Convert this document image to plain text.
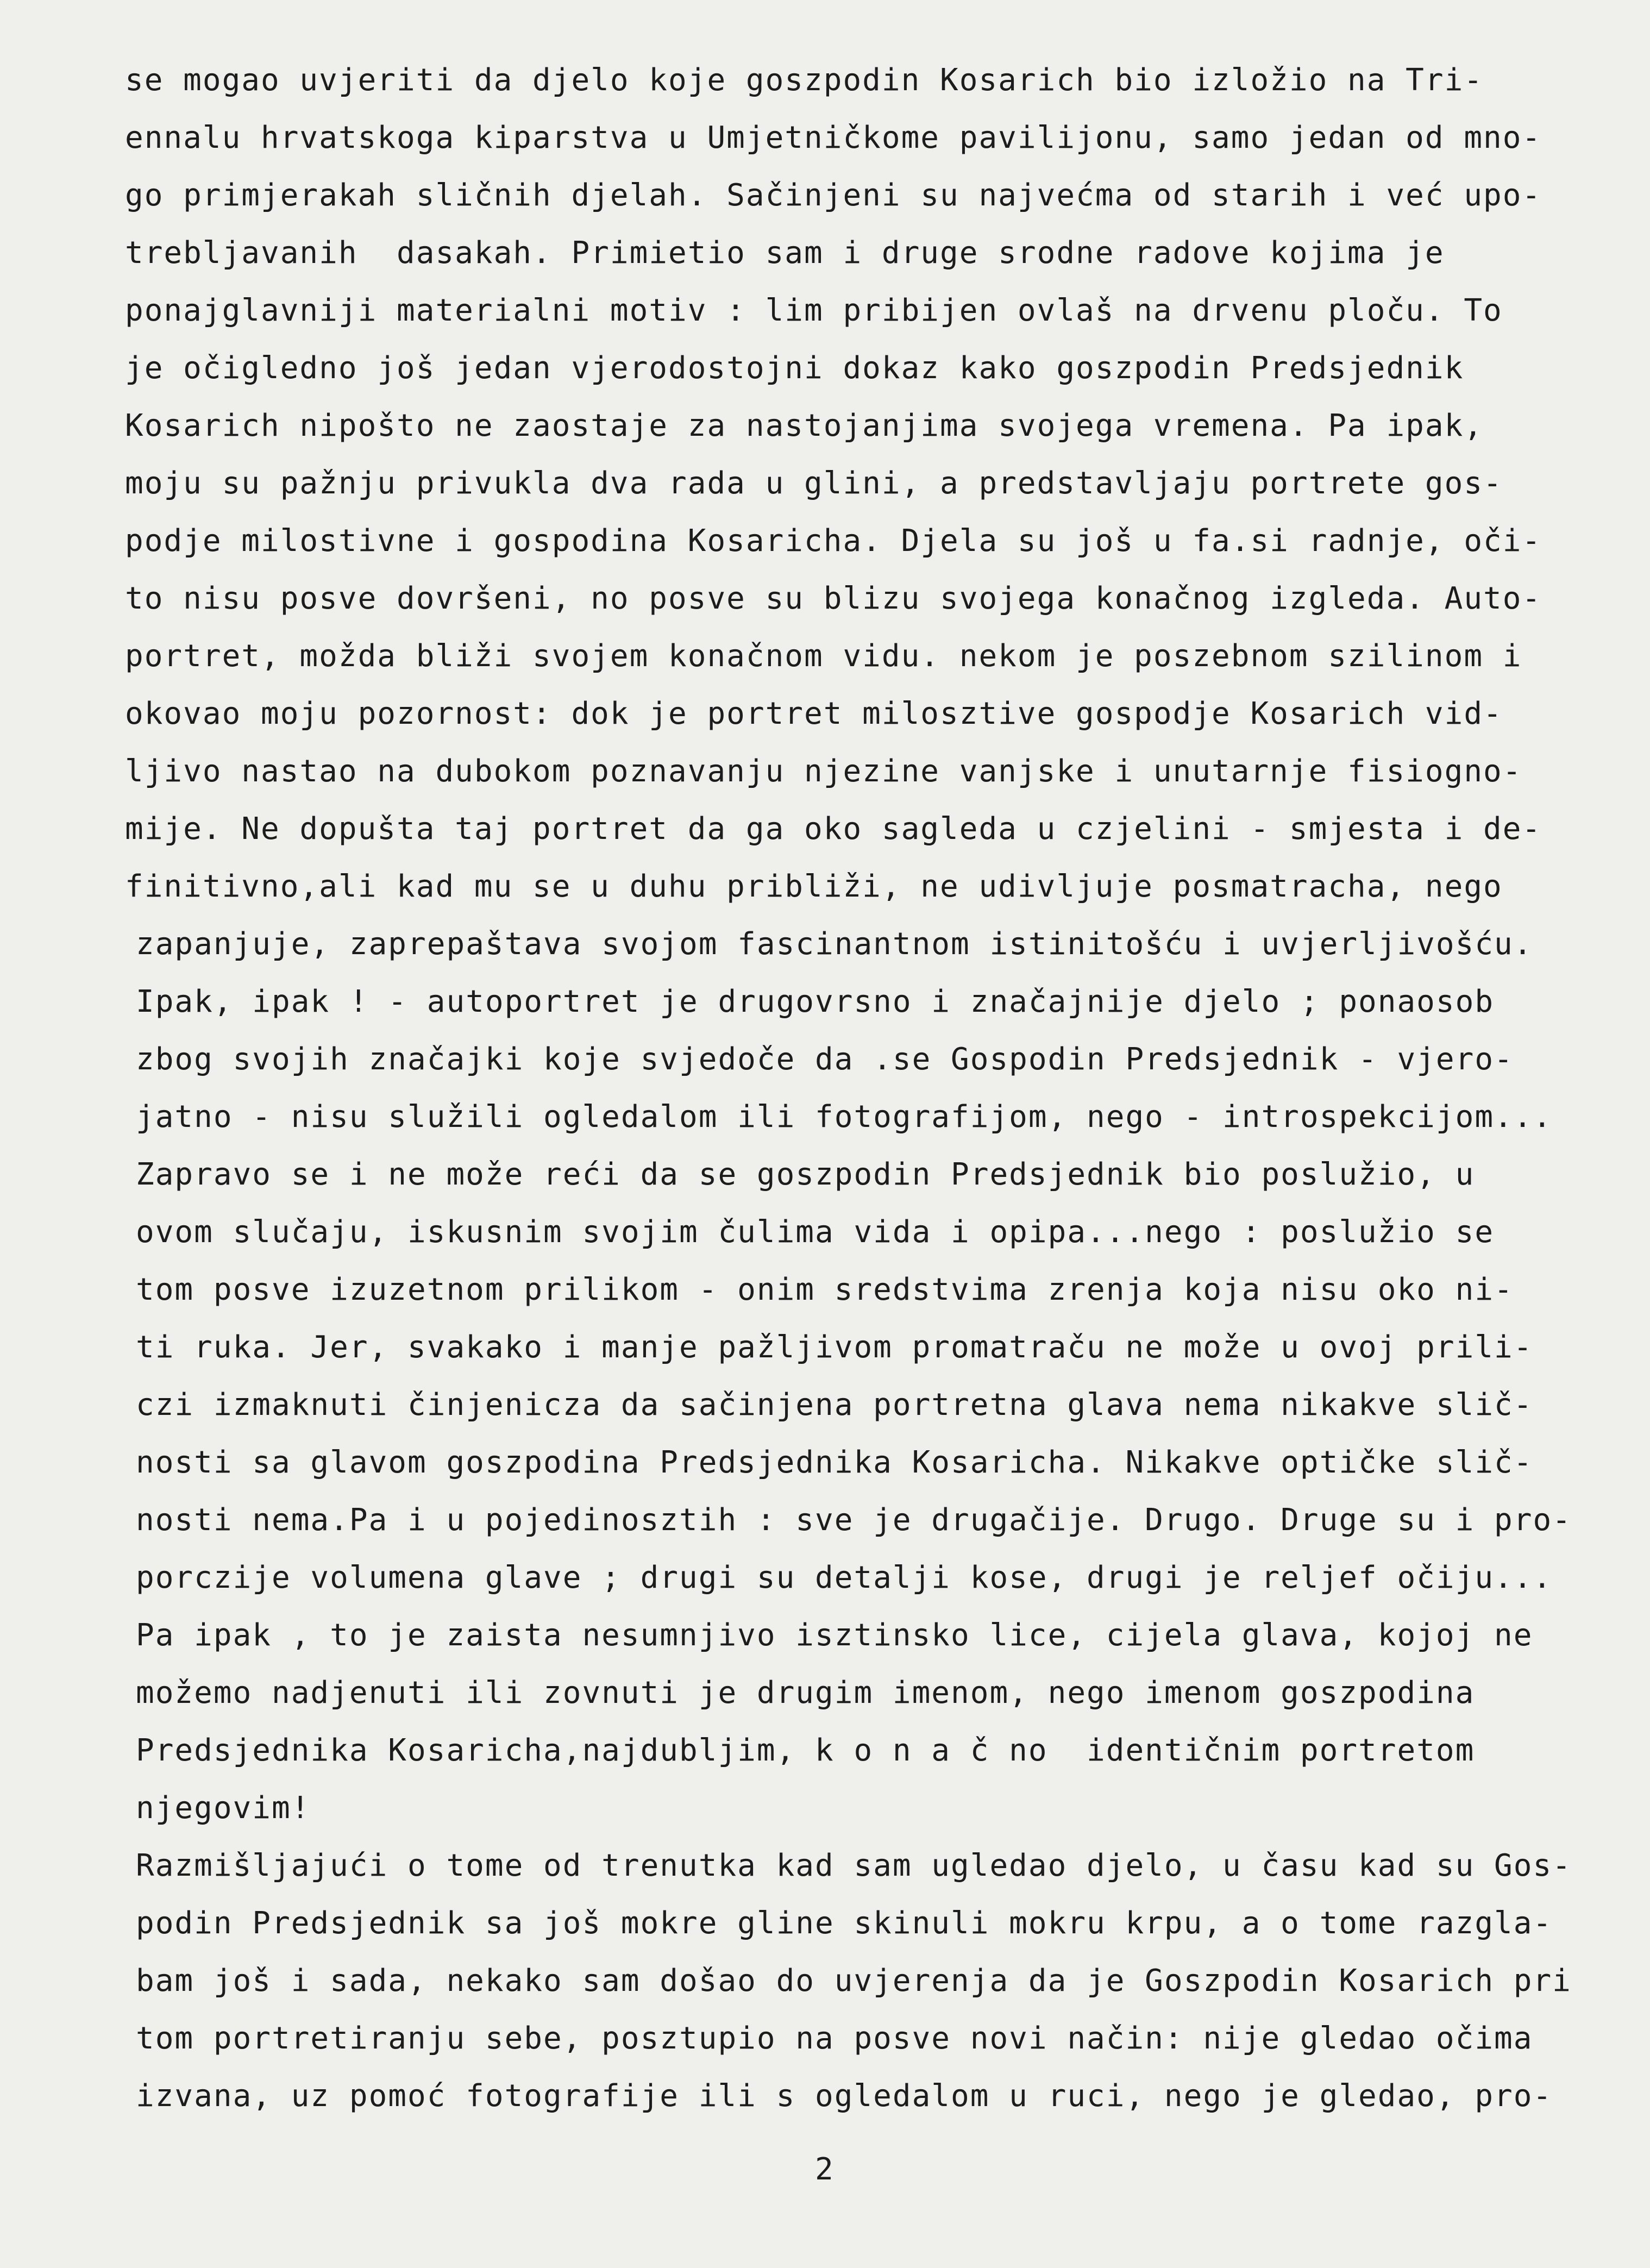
se mogao uvjeriti da djelo koje goszpodin Kosarich bio izložio na Tri-
ennalu hrvatskoga kiparstva u Umjetničkome pavilijonu, samo jedan od mno-
go primjerakah sličnih djelah. Sačinjeni su najvećma od starih i već upo-
trebljavanih  dasakah. Primietio sam i druge srodne radove kojima je
ponajglavniji materialni motiv : lim pribijen ovlaš na drvenu ploču. To
je očigledno još jedan vjerodostojni dokaz kako goszpodin Predsjednik
Kosarich nipošto ne zaostaje za nastojanjima svojega vremena. Pa ipak,
moju su pažnju privukla dva rada u glini, a predstavljaju portrete gos-
podje milostivne i gospodina Kosaricha. Djela su još u fa.si radnje, oči-
to nisu posve dovršeni, no posve su blizu svojega konačnog izgleda. Auto-
portret, možda bliži svojem konačnom vidu. nekom je poszebnom szilinom i
okovao moju pozornost: dok je portret milosztive gospodje Kosarich vid-
ljivo nastao na dubokom poznavanju njezine vanjske i unutarnje fisiogno-
mije. Ne dopušta taj portret da ga oko sagleda u czjelini - smjesta i de-
finitivno,ali kad mu se u duhu približi, ne udivljuje posmatracha, nego
zapanjuje, zaprepaštava svojom fascinantnom istinitošću i uvjerljivošću.
Ipak, ipak ! - autoportret je drugovrsno i značajnije djelo ; ponaosob
zbog svojih značajki koje svjedoče da .se Gospodin Predsjednik - vjero-
jatno - nisu služili ogledalom ili fotografijom, nego - introspekcijom...
Zapravo se i ne može reći da se goszpodin Predsjednik bio poslužio, u
ovom slučaju, iskusnim svojim čulima vida i opipa...nego : poslužio se
tom posve izuzetnom prilikom - onim sredstvima zrenja koja nisu oko ni-
ti ruka. Jer, svakako i manje pažljivom promatraču ne može u ovoj prili-
czi izmaknuti činjenicza da sačinjena portretna glava nema nikakve slič-
nosti sa glavom goszpodina Predsjednika Kosaricha. Nikakve optičke slič-
nosti nema.Pa i u pojedinosztih : sve je drugačije. Drugo. Druge su i pro-
porczije volumena glave ; drugi su detalji kose, drugi je reljef očiju...
Pa ipak , to je zaista nesumnjivo isztinsko lice, cijela glava, kojoj ne
možemo nadjenuti ili zovnuti je drugim imenom, nego imenom goszpodina
Predsjednika Kosaricha,najdubljim, k o n a č no  identičnim portretom
njegovim!
Razmišljajući o tome od trenutka kad sam ugledao djelo, u času kad su Gos-
podin Predsjednik sa još mokre gline skinuli mokru krpu, a o tome razgla-
bam još i sada, nekako sam došao do uvjerenja da je Goszpodin Kosarich pri
tom portretiranju sebe, posztupio na posve novi način: nije gledao očima
izvana, uz pomoć fotografije ili s ogledalom u ruci, nego je gledao, pro-
2
